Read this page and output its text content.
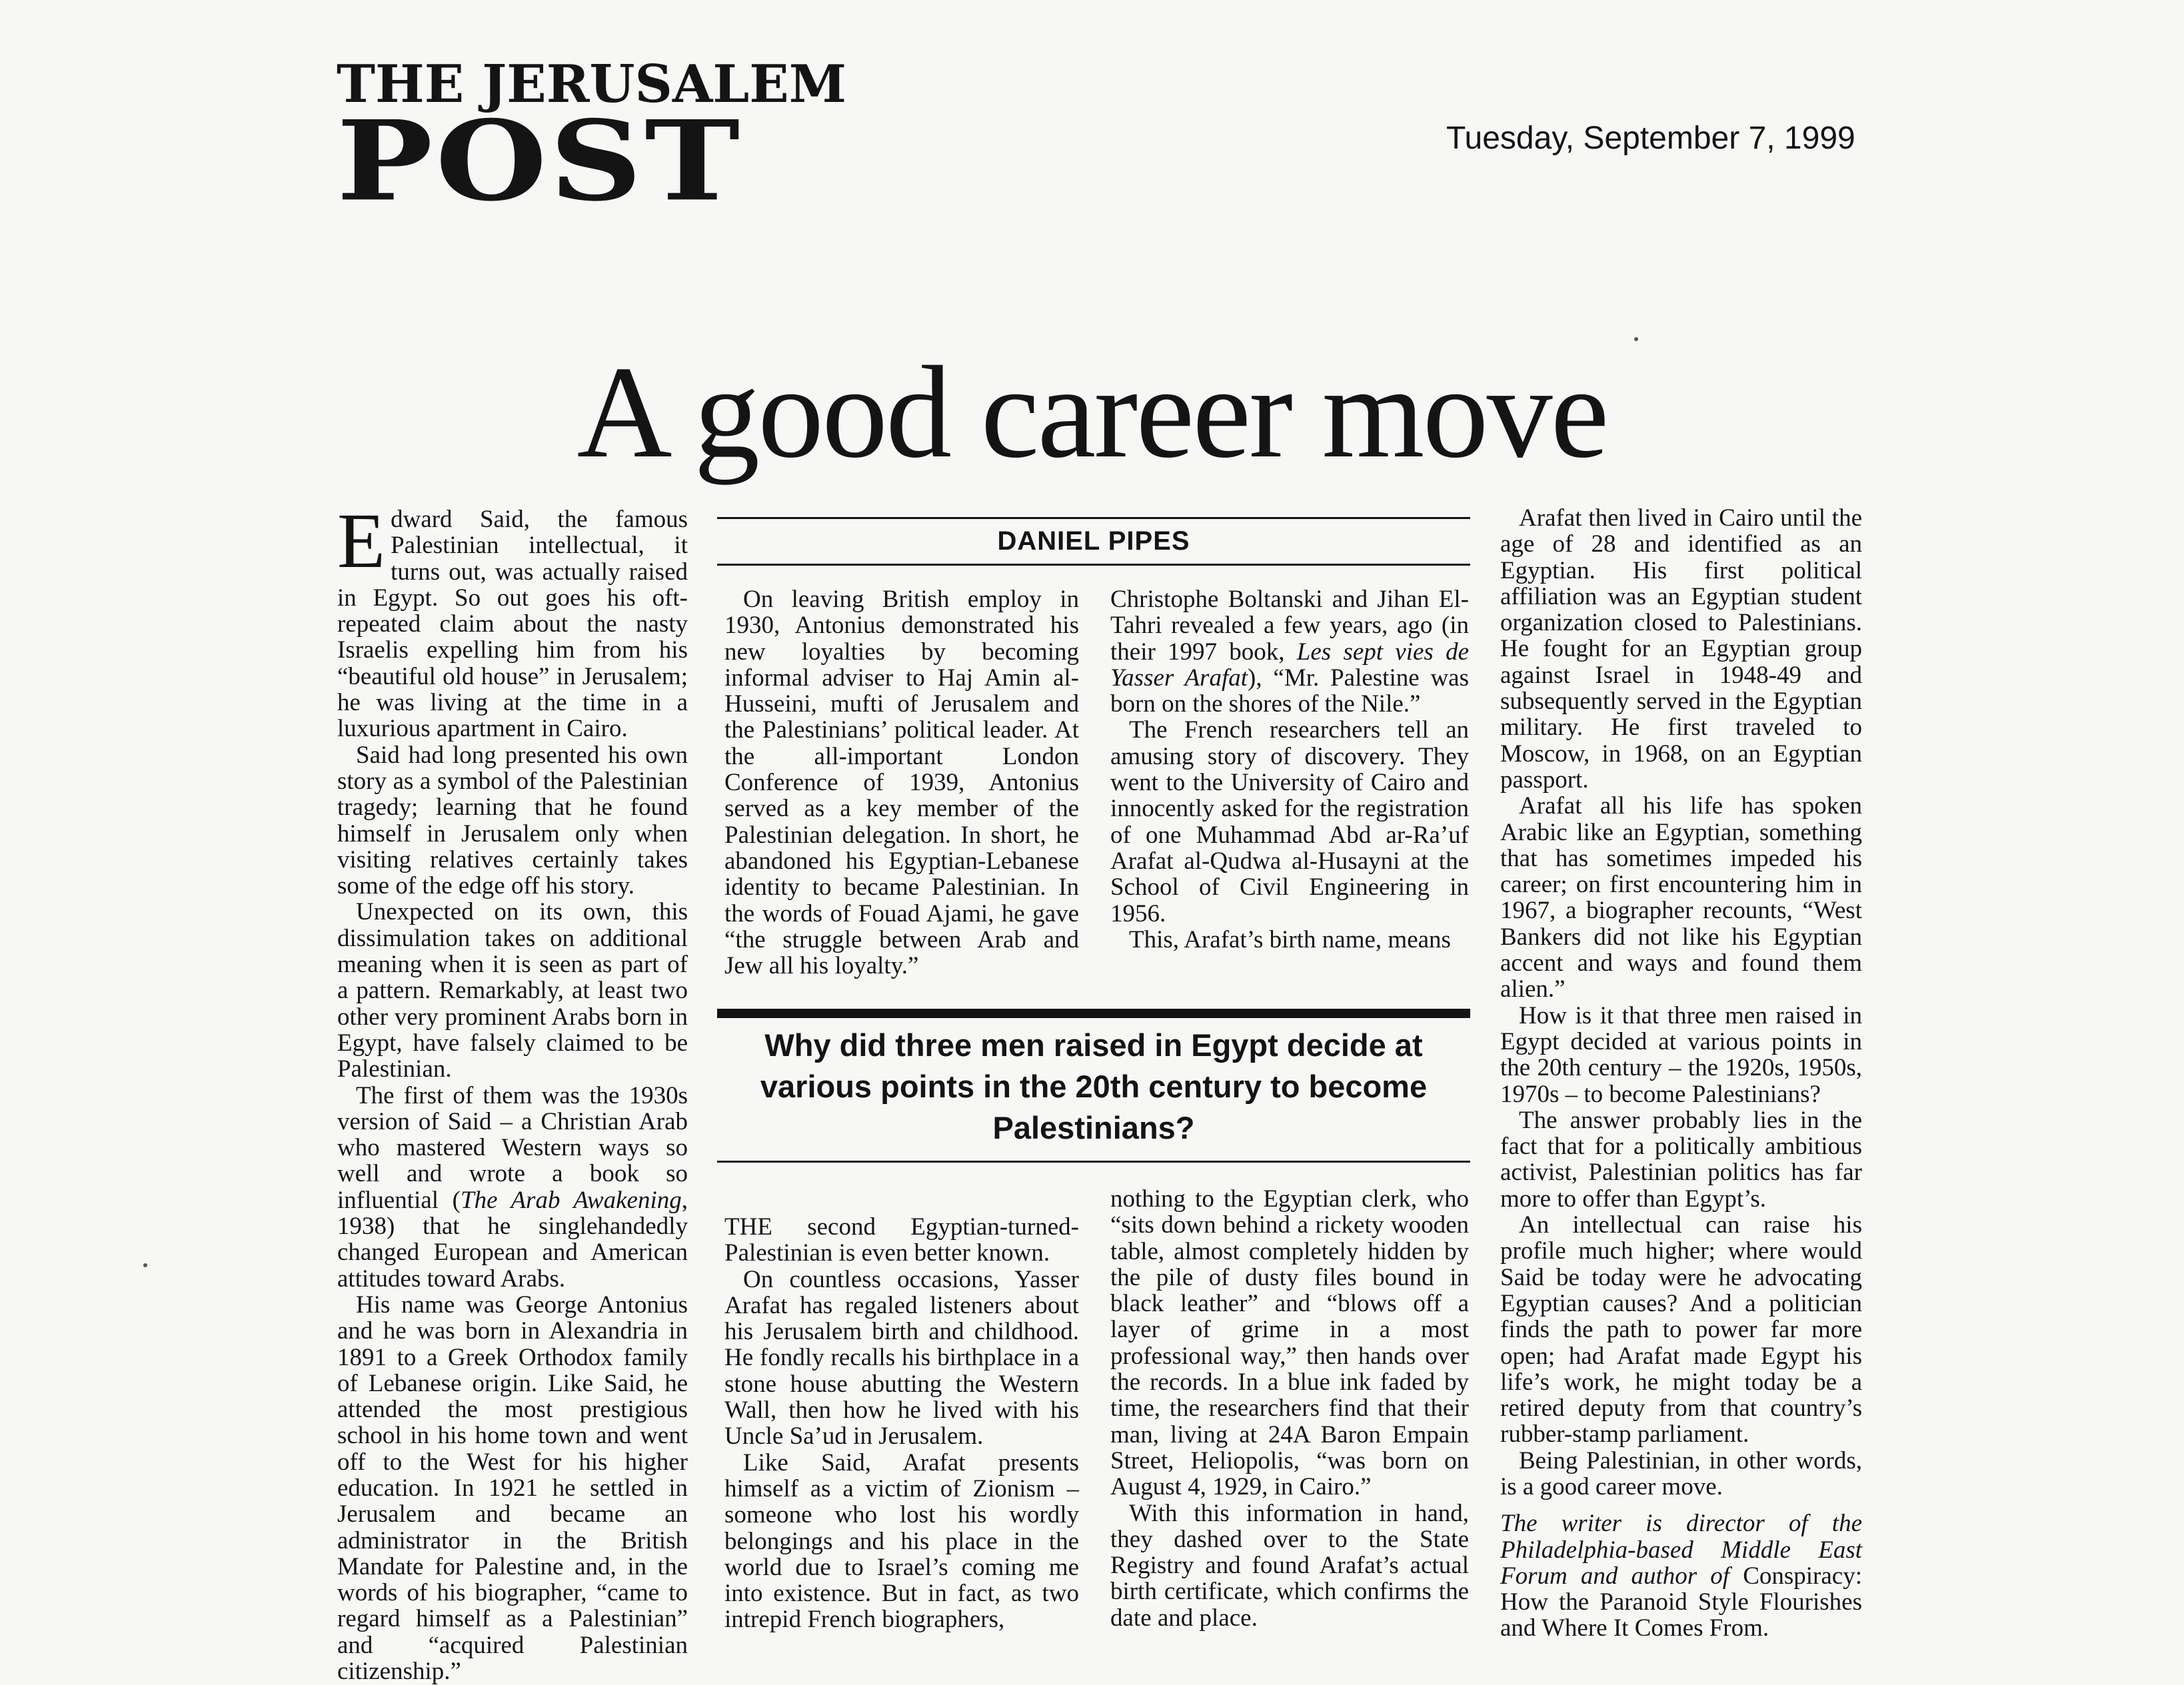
THE JERUSALEM
POST	Tuesday, September 7, 1999
A good career move

Edward Said, the famous Palestinian intellectual, it turns out, was actually raised in Egypt. So out goes his oft-repeated claim about the nasty Israelis expelling him from his “beautiful old house” in Jerusalem; he was living at the time in a luxurious apartment in Cairo.

Said had long presented his own story as a symbol of the Palestinian tragedy; learning that he found himself in Jerusalem only when visiting relatives certainly takes some of the edge off his story.

Unexpected on its own, this dissimulation takes on additional meaning when it is seen as part of a pattern. Remarkably, at least two other very prominent Arabs born in Egypt, have falsely claimed to be Palestinian.

The first of them was the 1930s version of Said – a Christian Arab who mastered Western ways so well and wrote a book so influential (The Arab Awakening, 1938) that he singlehandedly changed European and American attitudes toward Arabs.

His name was George Antonius and he was born in Alexandria in 1891 to a Greek Orthodox family of Lebanese origin. Like Said, he attended the most prestigious school in his home town and went off to the West for his higher education. In 1921 he settled in Jerusalem and became an administrator in the British Mandate for Palestine and, in the words of his biographer, “came to regard himself as a Palestinian” and “acquired Palestinian citizenship.”

DANIEL PIPES

On leaving British employ in 1930, Antonius demonstrated his new loyalties by becoming informal adviser to Haj Amin al-Husseini, mufti of Jerusalem and the Palestinians’ political leader. At the all-important London Conference of 1939, Antonius served as a key member of the Palestinian delegation. In short, he abandoned his Egyptian-Lebanese identity to became Palestinian. In the words of Fouad Ajami, he gave “the struggle between Arab and Jew all his loyalty.”

Christophe Boltanski and Jihan El-Tahri revealed a few years, ago (in their 1997 book, Les sept vies de Yasser Arafat), “Mr. Palestine was born on the shores of the Nile.”

The French researchers tell an amusing story of discovery. They went to the University of Cairo and innocently asked for the registration of one Muhammad Abd ar-Ra’uf Arafat al-Qudwa al-Husayni at the School of Civil Engineering in 1956.

This, Arafat’s birth name, means

Why did three men raised in Egypt decide at various points in the 20th century to become Palestinians?

THE second Egyptian-turned-Palestinian is even better known.

On countless occasions, Yasser Arafat has regaled listeners about his Jerusalem birth and childhood. He fondly recalls his birthplace in a stone house abutting the Western Wall, then how he lived with his Uncle Sa’ud in Jerusalem.

Like Said, Arafat presents himself as a victim of Zionism – someone who lost his wordly belongings and his place in the world due to Israel’s coming me into existence. But in fact, as two intrepid French biographers,

nothing to the Egyptian clerk, who “sits down behind a rickety wooden table, almost completely hidden by the pile of dusty files bound in black leather” and “blows off a layer of grime in a most professional way,” then hands over the records. In a blue ink faded by time, the researchers find that their man, living at 24A Baron Empain Street, Heliopolis, “was born on August 4, 1929, in Cairo.”

With this information in hand, they dashed over to the State Registry and found Arafat’s actual birth certificate, which confirms the date and place.

Arafat then lived in Cairo until the age of 28 and identified as an Egyptian. His first political affiliation was an Egyptian student organization closed to Palestinians. He fought for an Egyptian group against Israel in 1948-49 and subsequently served in the Egyptian military. He first traveled to Moscow, in 1968, on an Egyptian passport.

Arafat all his life has spoken Arabic like an Egyptian, something that has sometimes impeded his career; on first encountering him in 1967, a biographer recounts, “West Bankers did not like his Egyptian accent and ways and found them alien.”

How is it that three men raised in Egypt decided at various points in the 20th century – the 1920s, 1950s, 1970s – to become Palestinians?

The answer probably lies in the fact that for a politically ambitious activist, Palestinian politics has far more to offer than Egypt’s.

An intellectual can raise his profile much higher; where would Said be today were he advocating Egyptian causes? And a politician finds the path to power far more open; had Arafat made Egypt his life’s work, he might today be a retired deputy from that country’s rubber-stamp parliament.

Being Palestinian, in other words, is a good career move.

The writer is director of the Philadelphia-based Middle East Forum and author of Conspiracy: How the Paranoid Style Flourishes and Where It Comes From.
